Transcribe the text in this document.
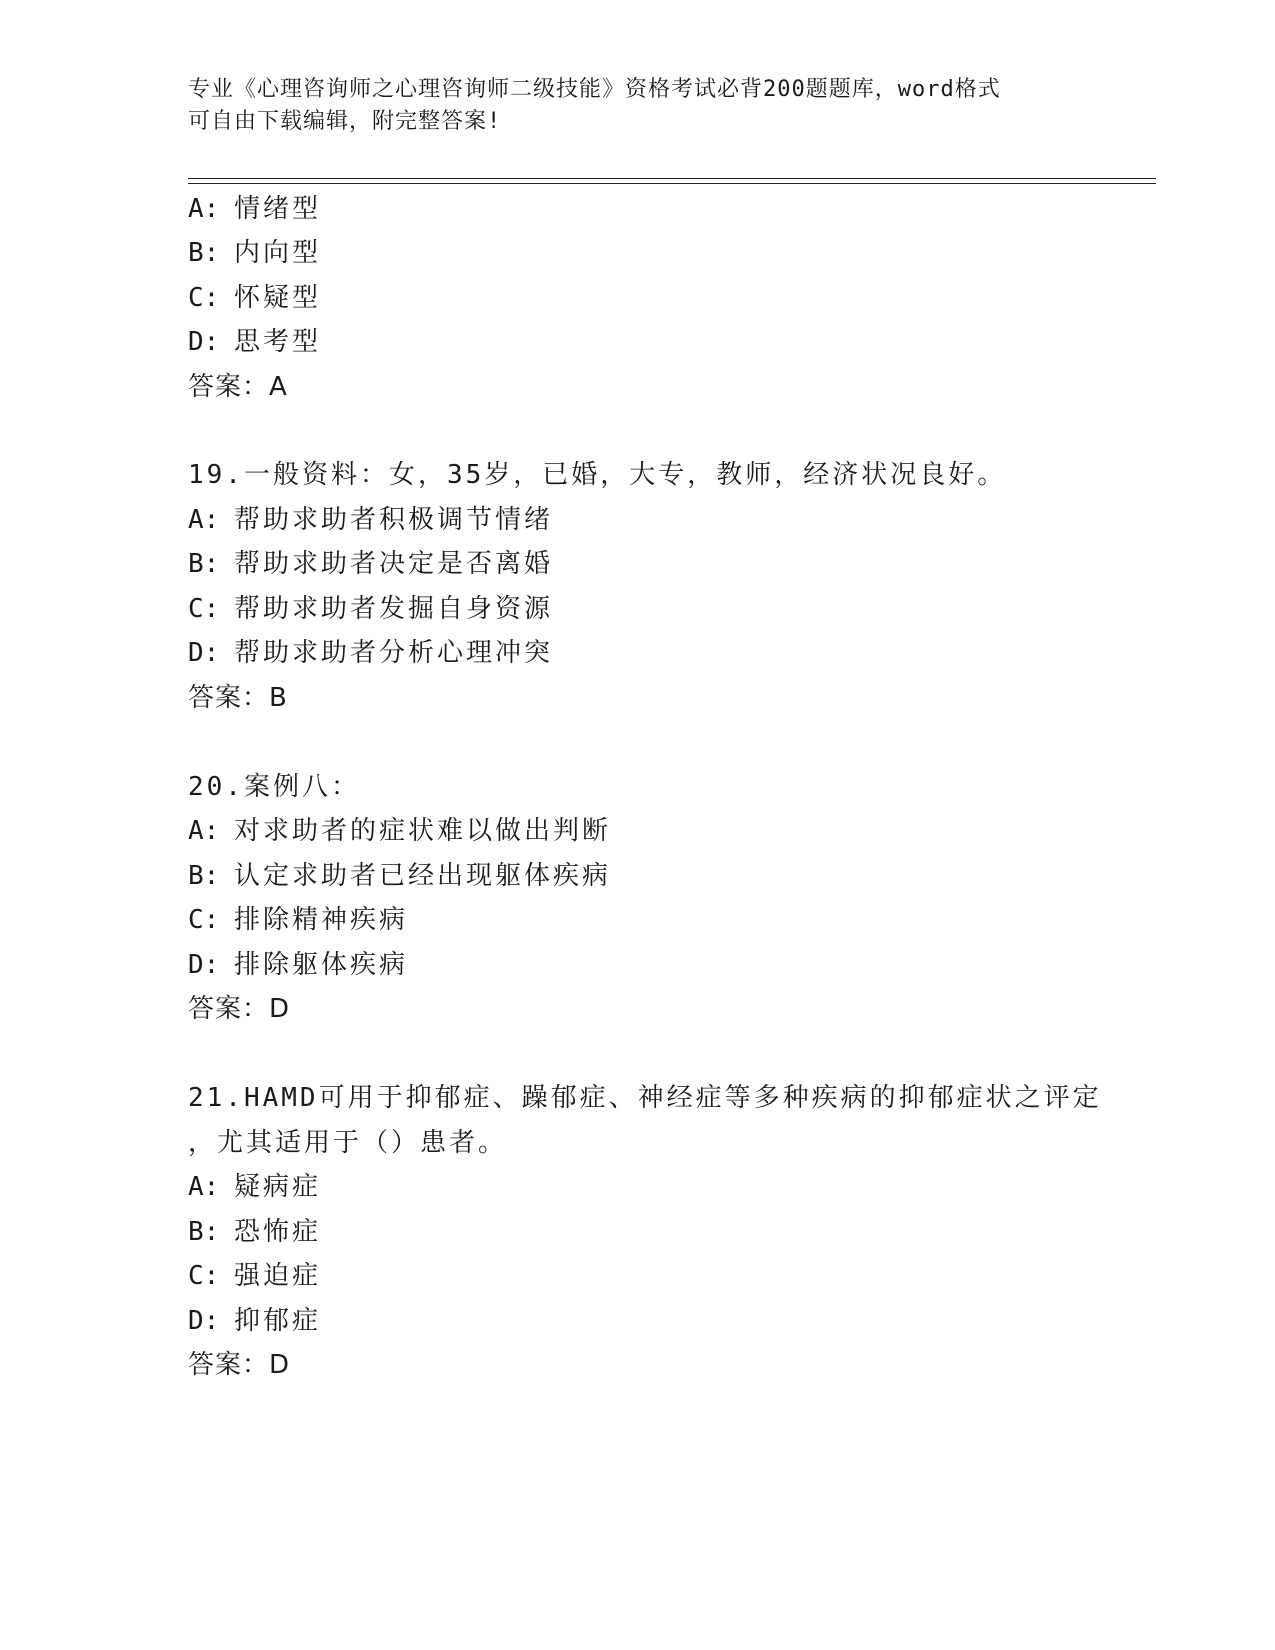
专业《心理咨询师之心理咨询师二级技能》资格考试必背200题题库，word格式
可自由下载编辑，附完整答案!
A: 情绪型
B: 内向型
C: 怀疑型
D: 思考型
答案：A
19.一般资料：女，35岁，已婚，大专，教师，经济状况良好。
A: 帮助求助者积极调节情绪
B: 帮助求助者决定是否离婚
C: 帮助求助者发掘自身资源
D: 帮助求助者分析心理冲突
答案：B
20.案例八：
A: 对求助者的症状难以做出判断
B: 认定求助者已经出现躯体疾病
C: 排除精神疾病
D: 排除躯体疾病
答案：D
21.HAMD可用于抑郁症、躁郁症、神经症等多种疾病的抑郁症状之评定
，尤其适用于（）患者。
A: 疑病症
B: 恐怖症
C: 强迫症
D: 抑郁症
答案：D
